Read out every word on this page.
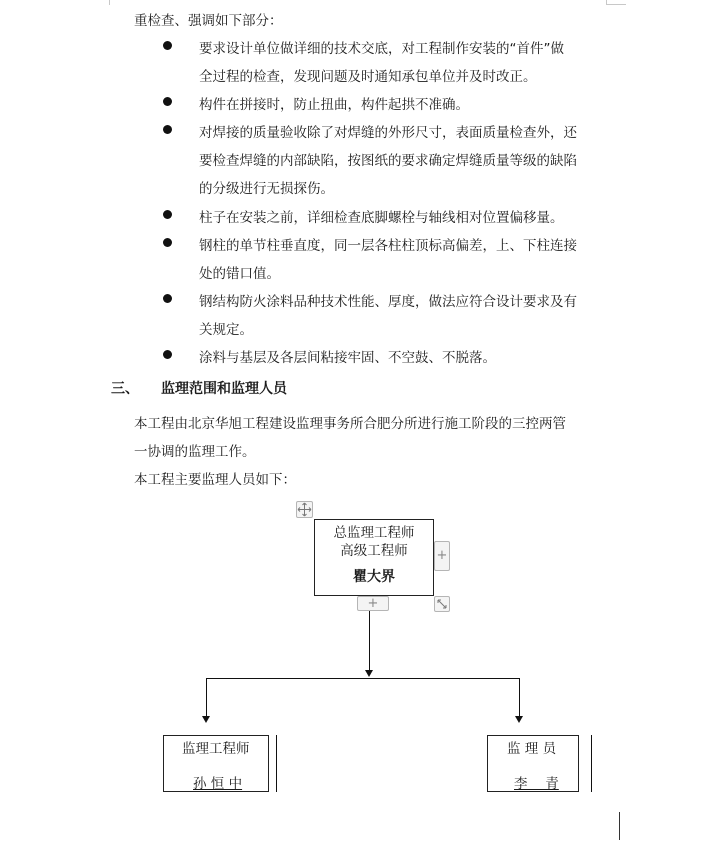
重检查、强调如下部分：
要求设计单位做详细的技术交底，对工程制作安装的“首件”做
全过程的检查，发现问题及时通知承包单位并及时改正。
构件在拼接时，防止扭曲，构件起拱不准确。
对焊接的质量验收除了对焊缝的外形尺寸，表面质量检查外，还
要检查焊缝的内部缺陷，按图纸的要求确定焊缝质量等级的缺陷
的分级进行无损探伤。
柱子在安装之前，详细检查底脚螺栓与轴线相对位置偏移量。
钢柱的单节柱垂直度，同一层各柱柱顶标高偏差，上、下柱连接
处的错口值。
钢结构防火涂料品种技术性能、厚度，做法应符合设计要求及有
关规定。
涂料与基层及各层间粘接牢固、不空鼓、不脱落。
三、 监理范围和监理人员
本工程由北京华旭工程建设监理事务所合肥分所进行施工阶段的三控两管
一协调的监理工作。
本工程主要监理人员如下：
总监理工程师
高级工程师
瞿大界
+
+
监理工程师
孙 恒 中
监 理 员
李　 青
